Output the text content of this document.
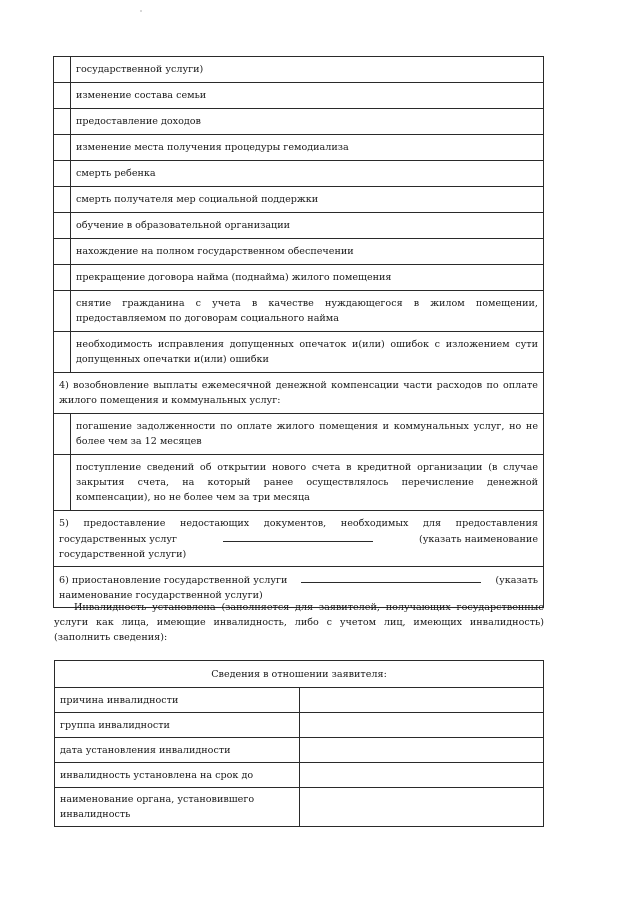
	государственной услуги)
	изменение состава семьи
	предоставление доходов
	изменение места получения процедуры гемодиализа
	смерть ребенка
	смерть получателя мер социальной поддержки
	обучение в образовательной организации
	нахождение на полном государственном обеспечении
	прекращение договора найма (поднайма) жилого помещения
	снятие гражданина с учета в качестве нуждающегося в жилом помещении, предоставляемом по договорам социального найма
	необходимость исправления допущенных опечаток и(или) ошибок с изложением сути допущенных опечатки и(или) ошибки
4) возобновление выплаты ежемесячной денежной компенсации части расходов по оплате жилого помещения и коммунальных услуг:	
	погашение задолженности по оплате жилого помещения и коммунальных услуг, но не более чем за 12 месяцев
	поступление сведений об открытии нового счета в кредитной организации (в случае закрытия счета, на который ранее осуществлялось перечисление денежной компенсации), но не более чем за три месяца

5) предоставление недостающих документов, необходимых для предоставления
государственных услуг (указать наименование
государственной услуги)	

6) приостановление государственной услуги (указать
наименование государственной услуги)	
Инвалидность установлена (заполняется для заявителей, получающих государственные услуги как лица, имеющие инвалидность, либо с учетом лиц, имеющих инвалидность) (заполнить сведения):
Сведения в отношении заявителя:	
причина инвалидности	
группа инвалидности	
дата установления инвалидности	
инвалидность установлена на срок до	
наименование органа, установившего инвалидность	
